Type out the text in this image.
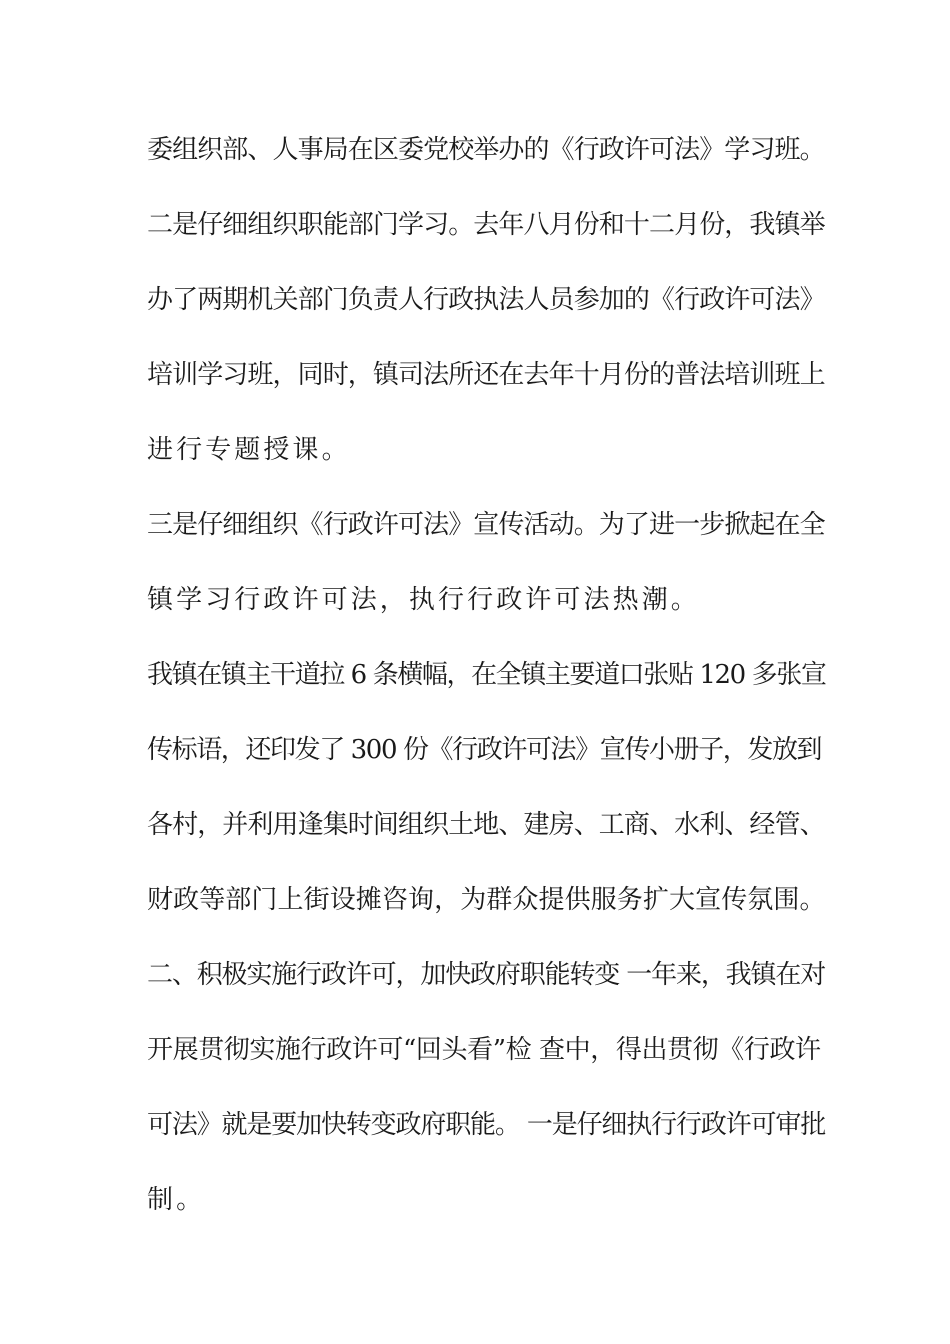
委组织部、人事局在区委党校举办的《行政许可法》学习班。
二是仔细组织职能部门学习。去年八月份和十二月份，我镇举
办了两期机关部门负责人行政执法人员参加的《行政许可法》
培训学习班，同时，镇司法所还在去年十月份的普法培训班上
进行专题授课。
三是仔细组织《行政许可法》宣传活动。为了进一步掀起在全
镇学习行政许可法，执行行政许可法热潮。
我镇在镇主干道拉 6 条横幅，在全镇主要道口张贴 120 多张宣
传标语，还印发了 300 份《行政许可法》宣传小册子，发放到
各村，并利用逢集时间组织土地、建房、工商、水利、经管、
财政等部门上街设摊咨询，为群众提供服务扩大宣传氛围。
二、积极实施行政许可，加快政府职能转变 一年来，我镇在对
开展贯彻实施行政许可“回头看”检 查中，得出贯彻《行政许
可法》就是要加快转变政府职能。 一是仔细执行行政许可审批
制。
